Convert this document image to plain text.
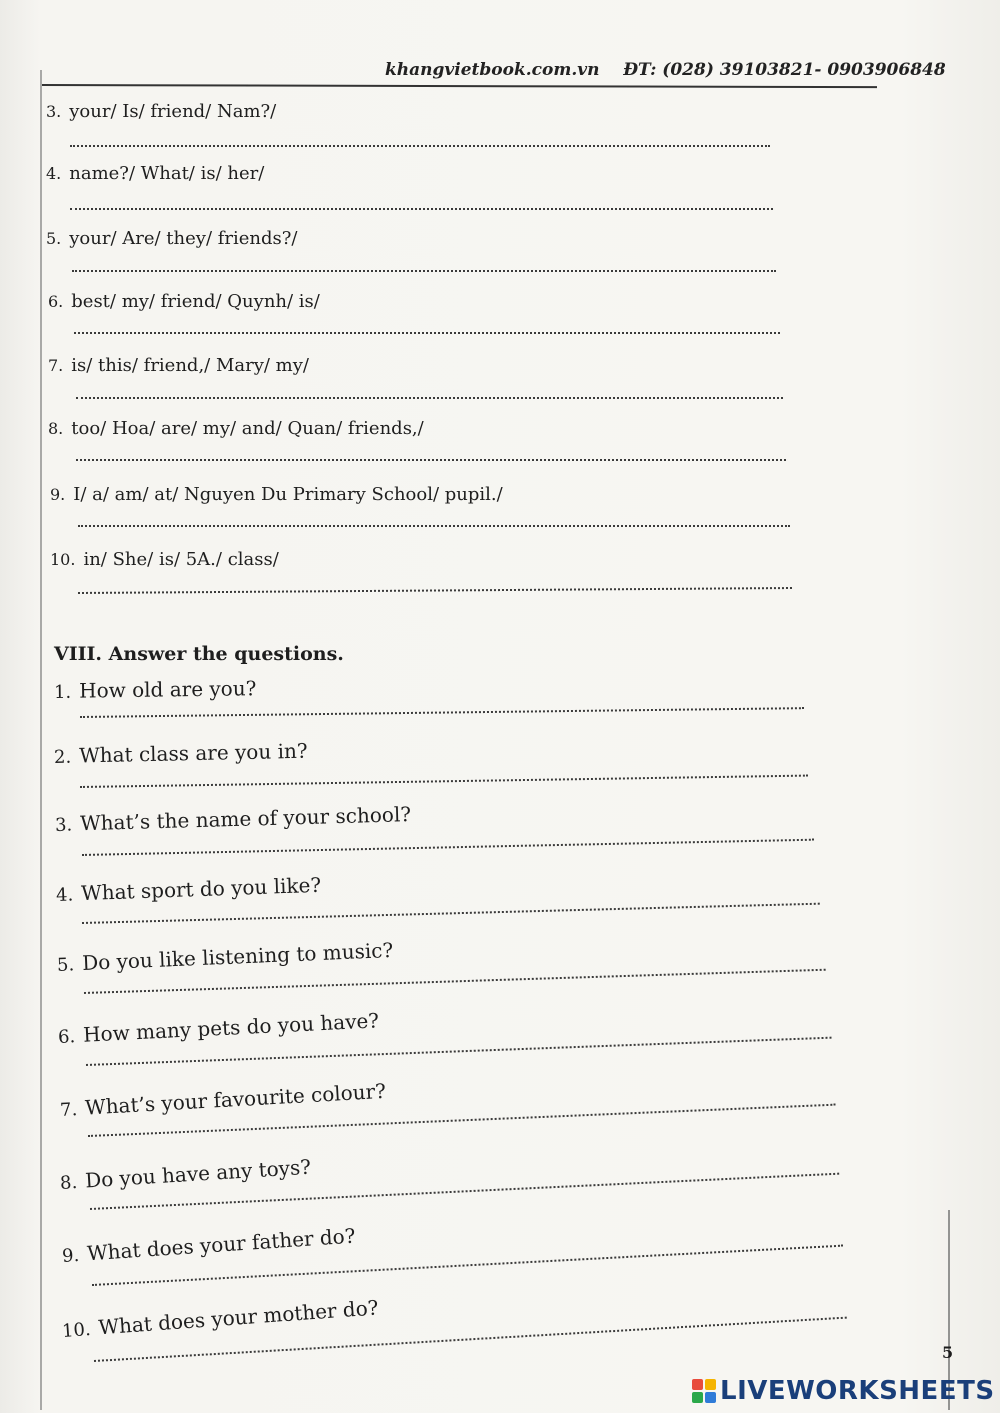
khangvietbook.com.vn ĐT: (028) 39103821- 0903906848
3. your/ Is/ friend/ Nam?/
4. name?/ What/ is/ her/
5. your/ Are/ they/ friends?/
6. best/ my/ friend/ Quynh/ is/
7. is/ this/ friend,/ Mary/ my/
8. too/ Hoa/ are/ my/ and/ Quan/ friends,/
9. I/ a/ am/ at/ Nguyen Du Primary School/ pupil./
10. in/ She/ is/ 5A./ class/
VIII. Answer the questions.
1. How old are you?
2. What class are you in?
3. What’s the name of your school?
4. What sport do you like?
5. Do you like listening to music?
6. How many pets do you have?
7. What’s your favourite colour?
8. Do you have any toys?
9. What does your father do?
10. What does your mother do?
5
LIVEWORKSHEETS
